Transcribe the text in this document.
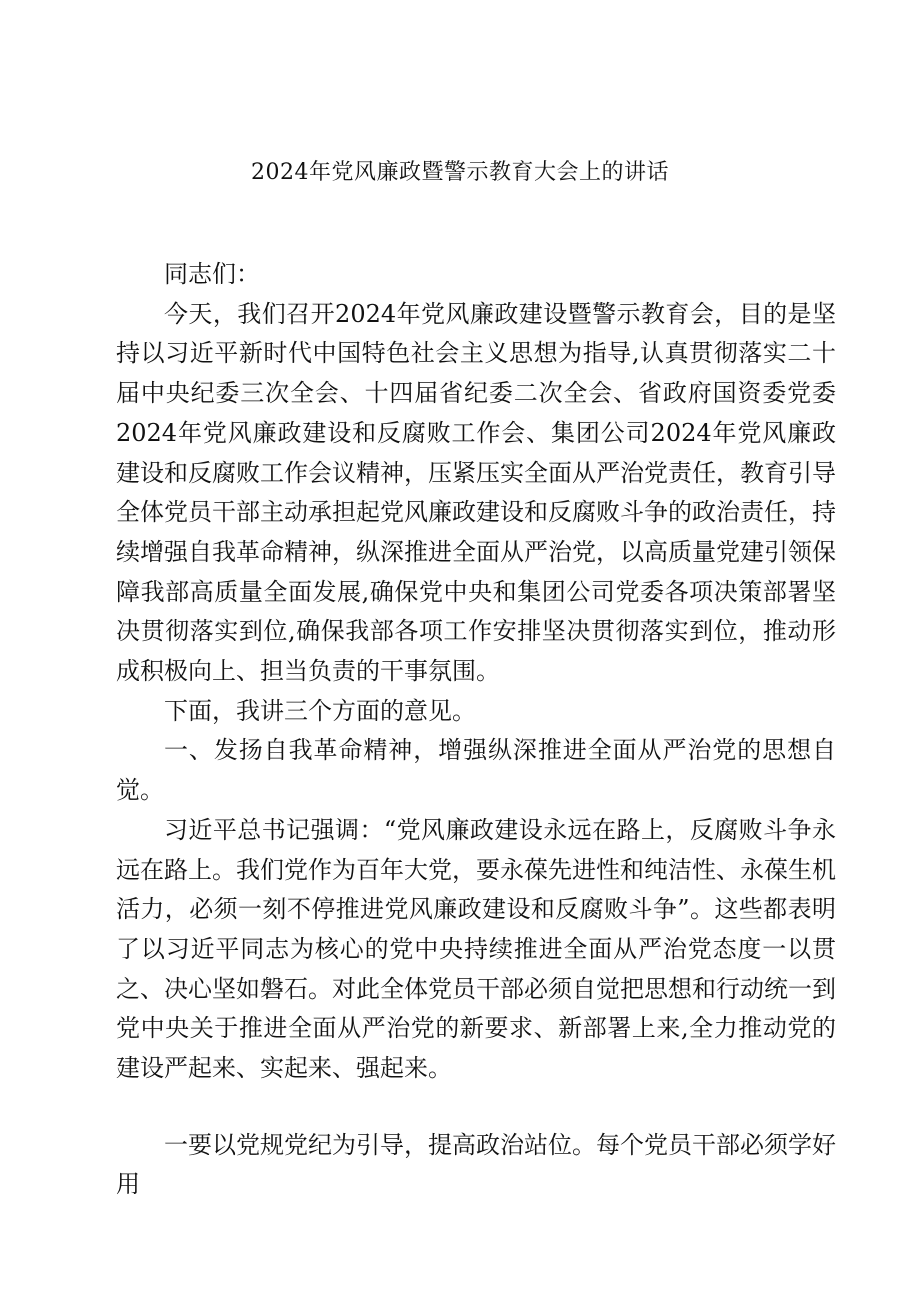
2024年党风廉政暨警示教育大会上的讲话

同志们：

今天，我们召开2024年党风廉政建设暨警示教育会，目的是坚持以习近平新时代中国特色社会主义思想为指导,认真贯彻落实二十届中央纪委三次全会、十四届省纪委二次全会、省政府国资委党委2024年党风廉政建设和反腐败工作会、集团公司2024年党风廉政建设和反腐败工作会议精神，压紧压实全面从严治党责任，教育引导全体党员干部主动承担起党风廉政建设和反腐败斗争的政治责任，持续增强自我革命精神，纵深推进全面从严治党，以高质量党建引领保障我部高质量全面发展,确保党中央和集团公司党委各项决策部署坚决贯彻落实到位,确保我部各项工作安排坚决贯彻落实到位，推动形成积极向上、担当负责的干事氛围。

下面，我讲三个方面的意见。

一、发扬自我革命精神，增强纵深推进全面从严治党的思想自觉。

习近平总书记强调：“党风廉政建设永远在路上，反腐败斗争永远在路上。我们党作为百年大党，要永葆先进性和纯洁性、永葆生机活力，必须一刻不停推进党风廉政建设和反腐败斗争”。这些都表明了以习近平同志为核心的党中央持续推进全面从严治党态度一以贯之、决心坚如磐石。对此全体党员干部必须自觉把思想和行动统一到党中央关于推进全面从严治党的新要求、新部署上来,全力推动党的建设严起来、实起来、强起来。

一要以党规党纪为引导，提高政治站位。每个党员干部必须学好用
